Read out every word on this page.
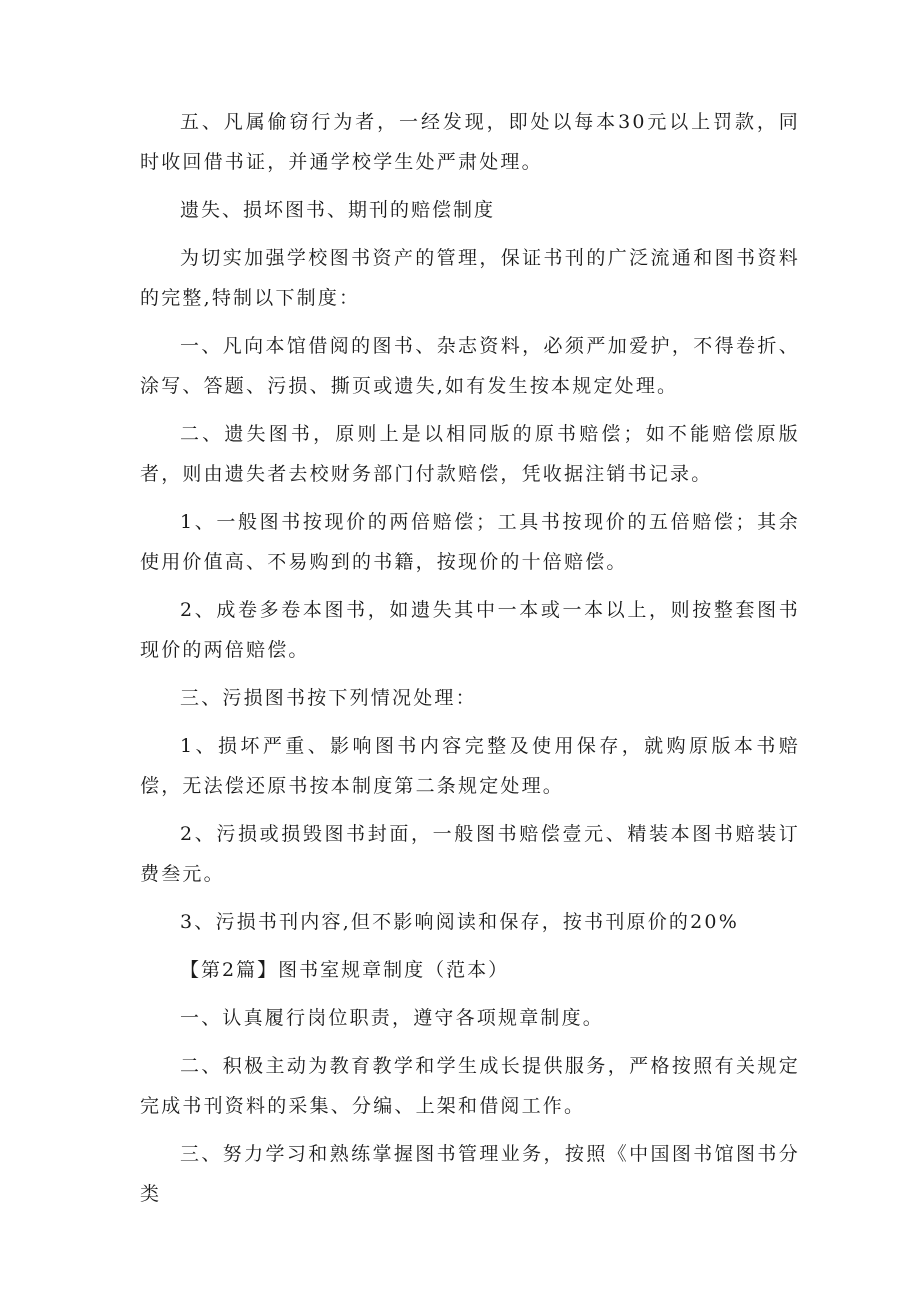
五、凡属偷窃行为者，一经发现，即处以每本30元以上罚款，同时收回借书证，并通学校学生处严肃处理。

遗失、损坏图书、期刊的赔偿制度

为切实加强学校图书资产的管理，保证书刊的广泛流通和图书资料的完整,特制以下制度：

一、凡向本馆借阅的图书、杂志资料，必须严加爱护，不得卷折、涂写、答题、污损、撕页或遗失,如有发生按本规定处理。

二、遗失图书，原则上是以相同版的原书赔偿；如不能赔偿原版者，则由遗失者去校财务部门付款赔偿，凭收据注销书记录。

1、一般图书按现价的两倍赔偿；工具书按现价的五倍赔偿；其余使用价值高、不易购到的书籍，按现价的十倍赔偿。

2、成卷多卷本图书，如遗失其中一本或一本以上，则按整套图书现价的两倍赔偿。

三、污损图书按下列情况处理：

1、损坏严重、影响图书内容完整及使用保存，就购原版本书赔偿，无法偿还原书按本制度第二条规定处理。

2、污损或损毁图书封面，一般图书赔偿壹元、精装本图书赔装订费叁元。

3、污损书刊内容,但不影响阅读和保存，按书刊原价的20%

【第2篇】图书室规章制度（范本）

一、认真履行岗位职责，遵守各项规章制度。

二、积极主动为教育教学和学生成长提供服务，严格按照有关规定完成书刊资料的采集、分编、上架和借阅工作。

三、努力学习和熟练掌握图书管理业务，按照《中国图书馆图书分类
